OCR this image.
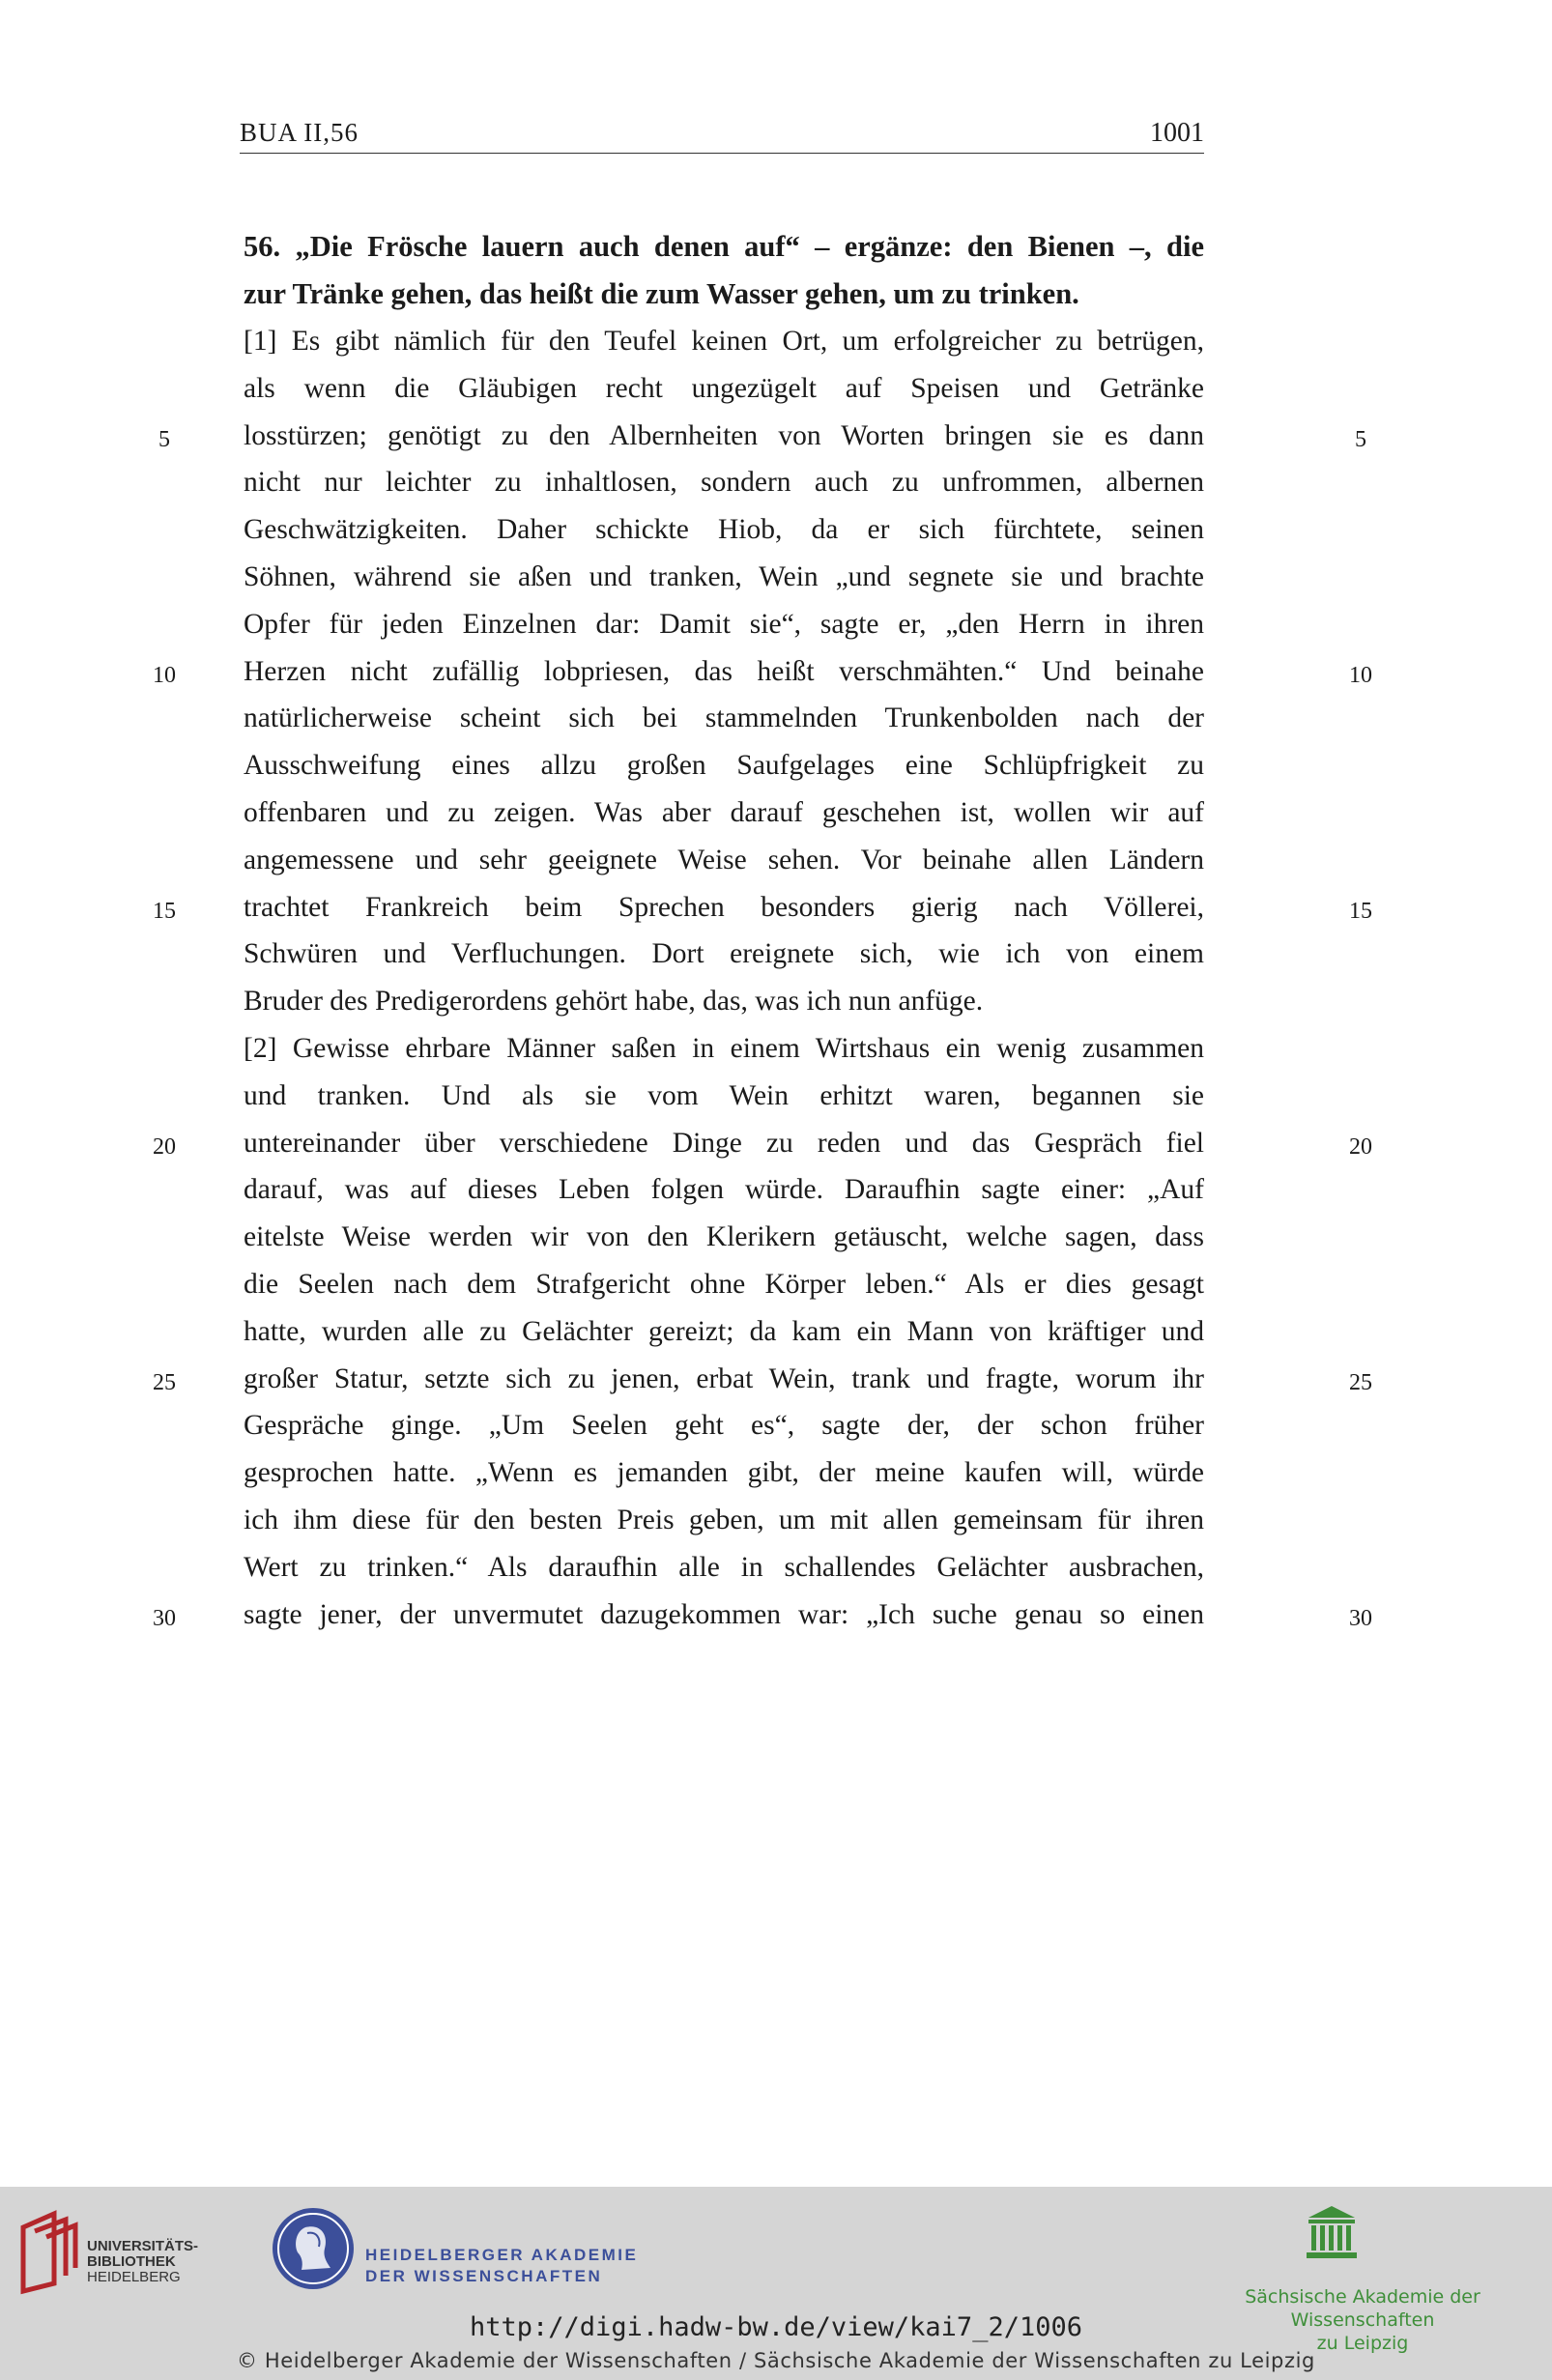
BUA II,56	1001
56. „Die Frösche lauern auch denen auf“ – ergänze: den Bienen –, die
zur Tränke gehen, das heißt die zum Wasser gehen, um zu trinken.
[1] Es gibt nämlich für den Teufel keinen Ort, um erfolgreicher zu betrügen,
als wenn die Gläubigen recht ungezügelt auf Speisen und Getränke
losstürzen; genötigt zu den Albernheiten von Worten bringen sie es dann
nicht nur leichter zu inhaltlosen, sondern auch zu unfrommen, albernen
Geschwätzigkeiten. Daher schickte Hiob, da er sich fürchtete, seinen
Söhnen, während sie aßen und tranken, Wein „und segnete sie und brachte
Opfer für jeden Einzelnen dar: Damit sie“, sagte er, „den Herrn in ihren
Herzen nicht zufällig lobpriesen, das heißt verschmähten.“ Und beinahe
natürlicherweise scheint sich bei stammelnden Trunkenbolden nach der
Ausschweifung eines allzu großen Saufgelages eine Schlüpfrigkeit zu
offenbaren und zu zeigen. Was aber darauf geschehen ist, wollen wir auf
angemessene und sehr geeignete Weise sehen. Vor beinahe allen Ländern
trachtet Frankreich beim Sprechen besonders gierig nach Völlerei,
Schwüren und Verfluchungen. Dort ereignete sich, wie ich von einem
Bruder des Predigerordens gehört habe, das, was ich nun anfüge.
[2] Gewisse ehrbare Männer saßen in einem Wirtshaus ein wenig zusammen
und tranken. Und als sie vom Wein erhitzt waren, begannen sie
untereinander über verschiedene Dinge zu reden und das Gespräch fiel
darauf, was auf dieses Leben folgen würde. Daraufhin sagte einer: „Auf
eitelste Weise werden wir von den Klerikern getäuscht, welche sagen, dass
die Seelen nach dem Strafgericht ohne Körper leben.“ Als er dies gesagt
hatte, wurden alle zu Gelächter gereizt; da kam ein Mann von kräftiger und
großer Statur, setzte sich zu jenen, erbat Wein, trank und fragte, worum ihr
Gespräche ginge. „Um Seelen geht es“, sagte der, der schon früher
gesprochen hatte. „Wenn es jemanden gibt, der meine kaufen will, würde
ich ihm diese für den besten Preis geben, um mit allen gemeinsam für ihren
Wert zu trinken.“ Als daraufhin alle in schallendes Gelächter ausbrachen,
sagte jener, der unvermutet dazugekommen war: „Ich suche genau so einen
5
10
15
20
25
30
5
10
15
20
25
30
UNIVERSITÄTS-
BIBLIOTHEK
HEIDELBERG
HEIDELBERGER AKADEMIE
DER WISSENSCHAFTEN
Sächsische Akademie der Wissenschaften
zu Leipzig
http://digi.hadw-bw.de/view/kai7_2/1006
© Heidelberger Akademie der Wissenschaften / Sächsische Akademie der Wissenschaften zu Leipzig
